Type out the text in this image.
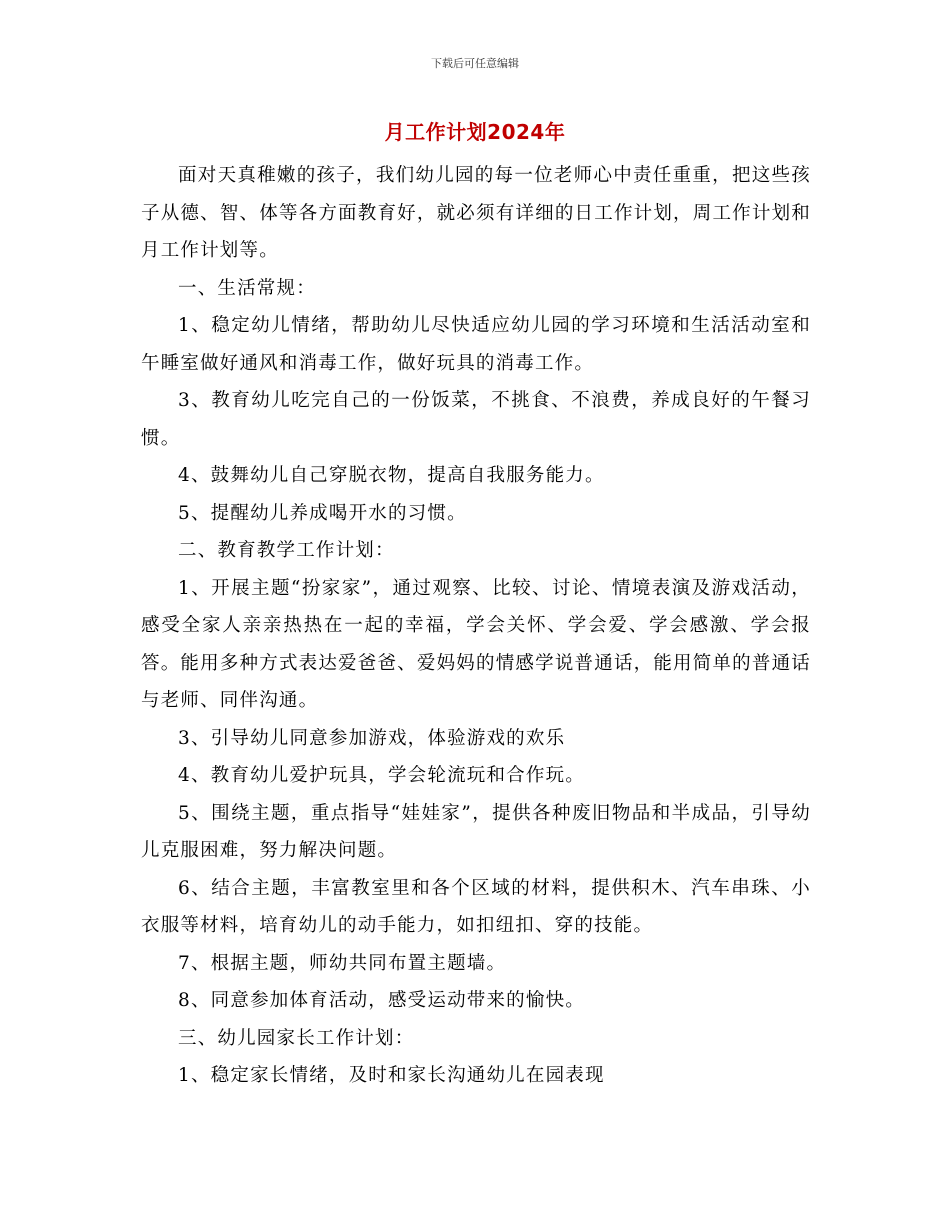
下载后可任意编辑
月工作计划2024年

面对天真稚嫩的孩子，我们幼儿园的每一位老师心中责任重重，把这些孩子从德、智、体等各方面教育好，就必须有详细的日工作计划，周工作计划和月工作计划等。

一、生活常规：

1、稳定幼儿情绪，帮助幼儿尽快适应幼儿园的学习环境和生活活动室和午睡室做好通风和消毒工作，做好玩具的消毒工作。

3、教育幼儿吃完自己的一份饭菜，不挑食、不浪费，养成良好的午餐习惯。

4、鼓舞幼儿自己穿脱衣物，提高自我服务能力。

5、提醒幼儿养成喝开水的习惯。

二、教育教学工作计划：

1、开展主题“扮家家”，通过观察、比较、讨论、情境表演及游戏活动，感受全家人亲亲热热在一起的幸福，学会关怀、学会爱、学会感激、学会报答。能用多种方式表达爱爸爸、爱妈妈的情感学说普通话，能用简单的普通话与老师、同伴沟通。

3、引导幼儿同意参加游戏，体验游戏的欢乐

4、教育幼儿爱护玩具，学会轮流玩和合作玩。

5、围绕主题，重点指导“娃娃家”，提供各种废旧物品和半成品，引导幼儿克服困难，努力解决问题。

6、结合主题，丰富教室里和各个区域的材料，提供积木、汽车串珠、小衣服等材料，培育幼儿的动手能力，如扣纽扣、穿的技能。

7、根据主题，师幼共同布置主题墙。

8、同意参加体育活动，感受运动带来的愉快。

三、幼儿园家长工作计划：

1、稳定家长情绪，及时和家长沟通幼儿在园表现
